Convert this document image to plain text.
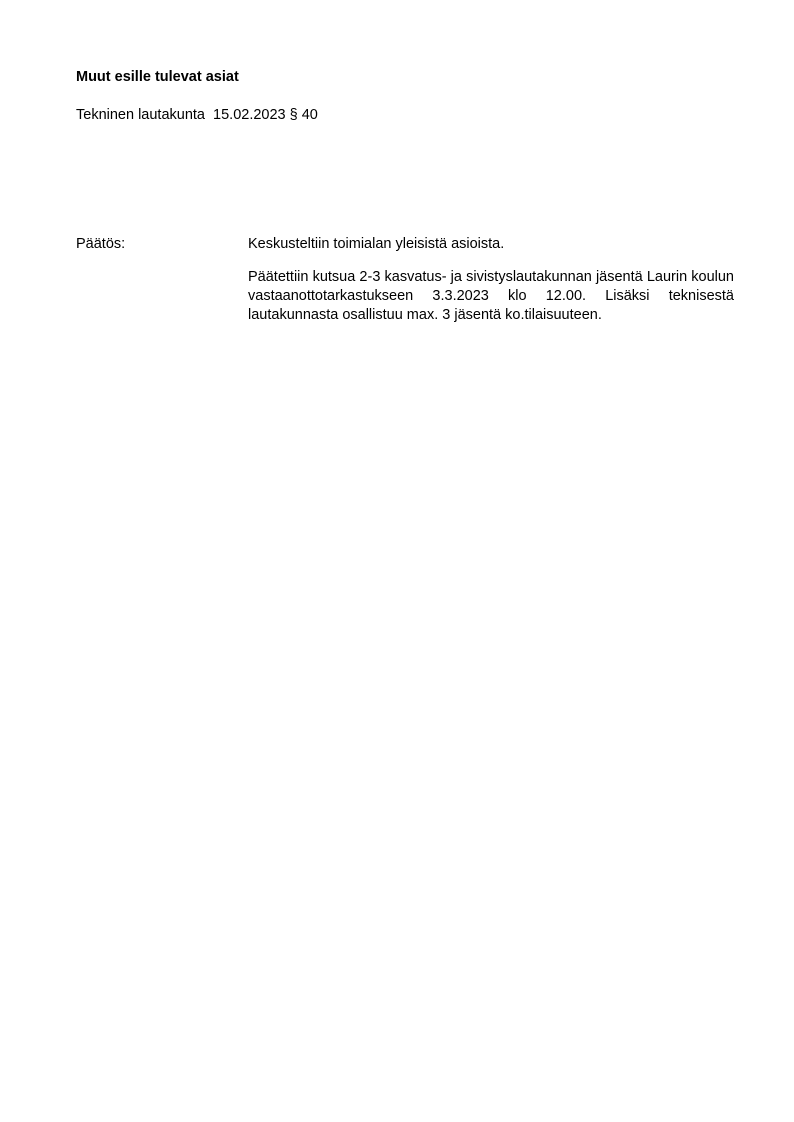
Muut esille tulevat asiat
Tekninen lautakunta  15.02.2023 § 40
Päätös:	Keskusteltiin toimialan yleisistä asioista.

Päätettiin kutsua 2-3 kasvatus- ja sivistyslautakunnan jäsentä Laurin koulun vastaanottotarkastukseen 3.3.2023 klo 12.00. Lisäksi teknisestä lautakunnasta osallistuu max. 3 jäsentä ko.tilaisuuteen.
